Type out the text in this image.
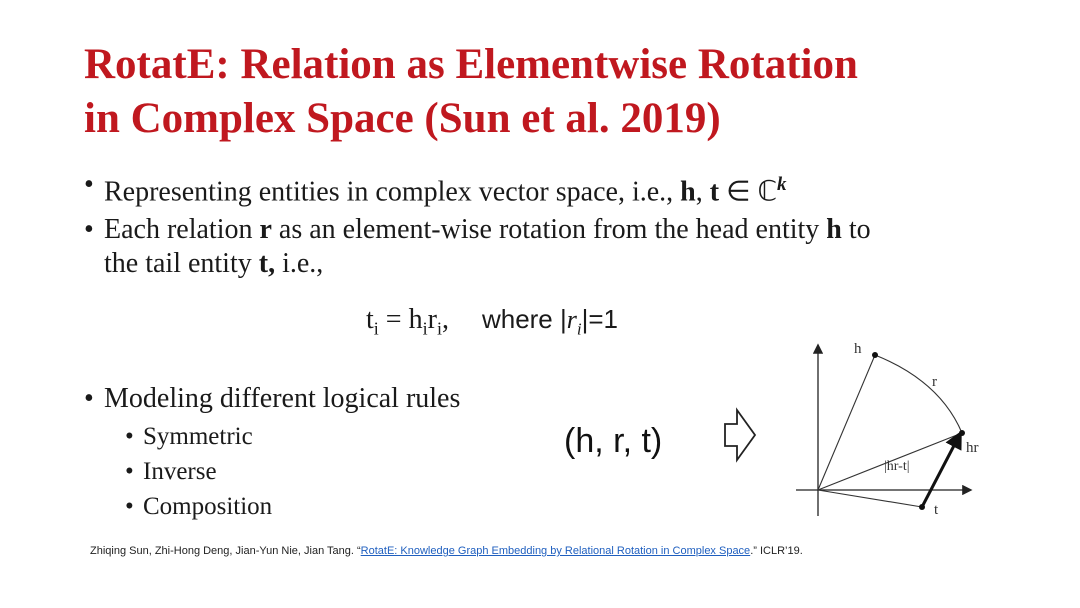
RotatE: Relation as Elementwise Rotation
in Complex Space (Sun et al. 2019)
• Representing entities in complex vector space, i.e., h, t ∈ ℂ$^k$
• Each relation r as an element-wise rotation from the head entity h to
the tail entity t, i.e.,
$t_i = h_ir_i$, where $|r_i|=1$
• Modeling different logical rules
• Symmetric
• Inverse
• Composition
(h, r, t)
h
r
hr
|hr-t|
t
Zhiqing Sun, Zhi-Hong Deng, Jian-Yun Nie, Jian Tang. “RotatE: Knowledge Graph Embedding by Relational Rotation in Complex Space.” ICLR’19.
